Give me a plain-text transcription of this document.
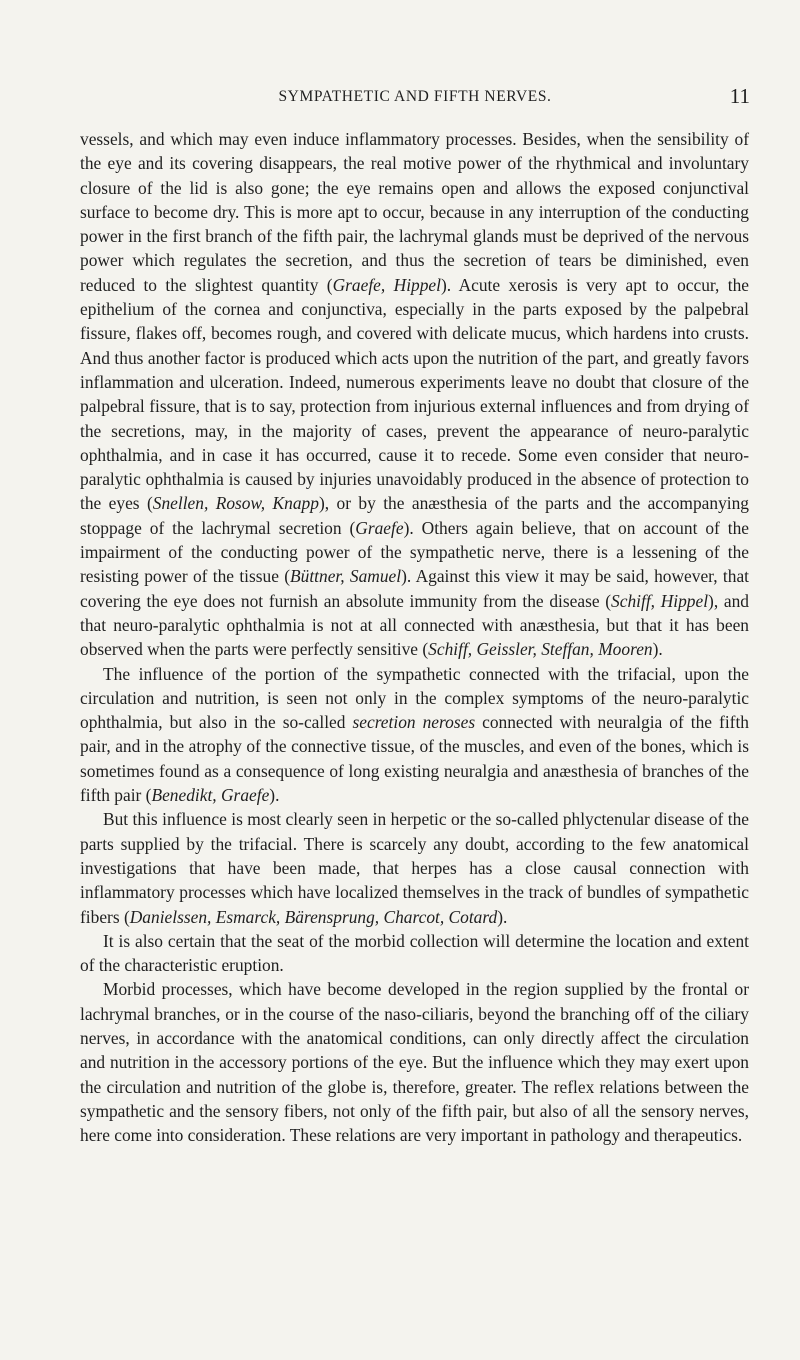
SYMPATHETIC AND FIFTH NERVES.	11

vessels, and which may even induce inflammatory processes. Besides, when the sensibility of the eye and its covering disappears, the real motive power of the rhythmical and involuntary closure of the lid is also gone; the eye remains open and allows the exposed conjunctival surface to become dry. This is more apt to occur, because in any interruption of the conducting power in the first branch of the fifth pair, the lachrymal glands must be deprived of the nervous power which regulates the secretion, and thus the secretion of tears be diminished, even reduced to the slightest quantity (Graefe, Hippel). Acute xerosis is very apt to occur, the epithelium of the cornea and conjunctiva, especially in the parts exposed by the palpebral fissure, flakes off, becomes rough, and covered with delicate mucus, which hardens into crusts. And thus another factor is produced which acts upon the nutrition of the part, and greatly favors inflammation and ulceration. Indeed, numerous experiments leave no doubt that closure of the palpebral fissure, that is to say, protection from injurious external influences and from drying of the secretions, may, in the majority of cases, prevent the appearance of neuro-paralytic ophthalmia, and in case it has occurred, cause it to recede. Some even consider that neuro-paralytic ophthalmia is caused by injuries unavoidably produced in the absence of protection to the eyes (Snellen, Rosow, Knapp), or by the anæsthesia of the parts and the accompanying stoppage of the lachrymal secretion (Graefe). Others again believe, that on account of the impairment of the conducting power of the sympathetic nerve, there is a lessening of the resisting power of the tissue (Büttner, Samuel). Against this view it may be said, however, that covering the eye does not furnish an absolute immunity from the disease (Schiff, Hippel), and that neuro-paralytic ophthalmia is not at all connected with anæsthesia, but that it has been observed when the parts were perfectly sensitive (Schiff, Geissler, Steffan, Mooren).

The influence of the portion of the sympathetic connected with the trifacial, upon the circulation and nutrition, is seen not only in the complex symptoms of the neuro-paralytic ophthalmia, but also in the so-called secretion neroses connected with neuralgia of the fifth pair, and in the atrophy of the connective tissue, of the muscles, and even of the bones, which is sometimes found as a consequence of long existing neuralgia and anæsthesia of branches of the fifth pair (Benedikt, Graefe).

But this influence is most clearly seen in herpetic or the so-called phlyctenular disease of the parts supplied by the trifacial. There is scarcely any doubt, according to the few anatomical investigations that have been made, that herpes has a close causal connection with inflammatory processes which have localized themselves in the track of bundles of sympathetic fibers (Danielssen, Esmarck, Bärensprung, Charcot, Cotard).

It is also certain that the seat of the morbid collection will determine the location and extent of the characteristic eruption.

Morbid processes, which have become developed in the region supplied by the frontal or lachrymal branches, or in the course of the naso-ciliaris, beyond the branching off of the ciliary nerves, in accordance with the anatomical conditions, can only directly affect the circulation and nutrition in the accessory portions of the eye. But the influence which they may exert upon the circulation and nutrition of the globe is, therefore, greater. The reflex relations between the sympathetic and the sensory fibers, not only of the fifth pair, but also of all the sensory nerves, here come into consideration. These relations are very important in pathology and therapeutics.
